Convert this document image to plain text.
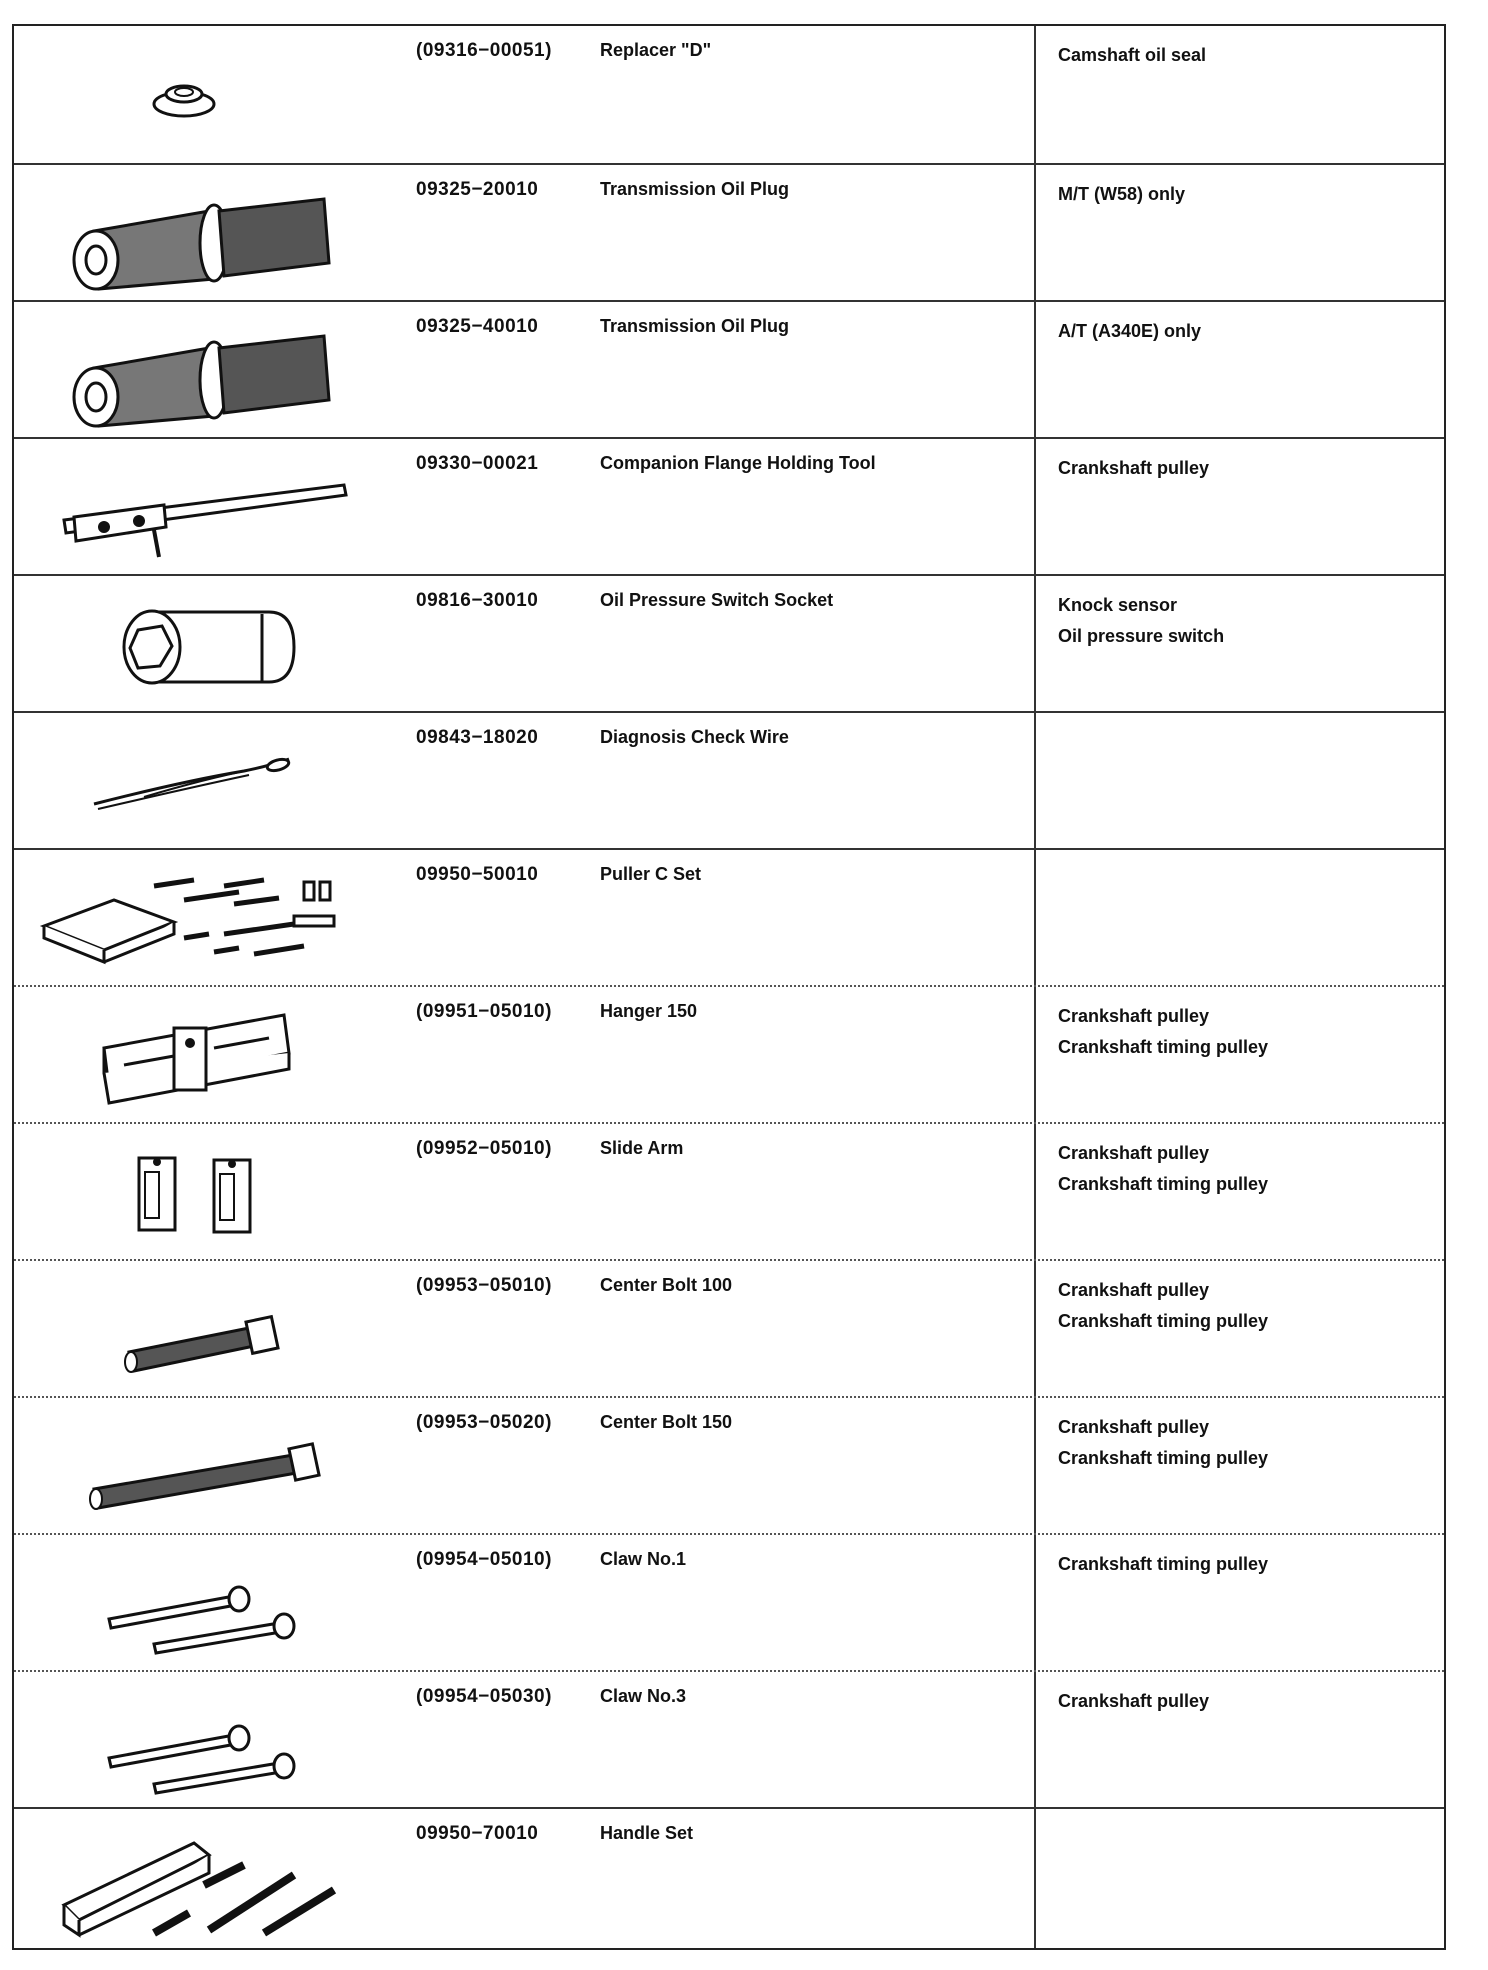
(09316−00051)	Replacer "D"	Camshaft oil seal
09325−20010	Transmission Oil Plug	M/T (W58) only
09325−40010	Transmission Oil Plug	A/T (A340E) only
09330−00021	Companion Flange Holding Tool	Crankshaft pulley
09816−30010	Oil Pressure Switch Socket	Knock sensor
Oil pressure switch
09843−18020	Diagnosis Check Wire
09950−50010	Puller C Set
(09951−05010)	Hanger 150	Crankshaft pulley
Crankshaft timing pulley
(09952−05010)	Slide Arm	Crankshaft pulley
Crankshaft timing pulley
(09953−05010)	Center Bolt 100	Crankshaft pulley
Crankshaft timing pulley
(09953−05020)	Center Bolt 150	Crankshaft pulley
Crankshaft timing pulley
(09954−05010)	Claw No.1	Crankshaft timing pulley
(09954−05030)	Claw No.3	Crankshaft pulley
09950−70010	Handle Set
